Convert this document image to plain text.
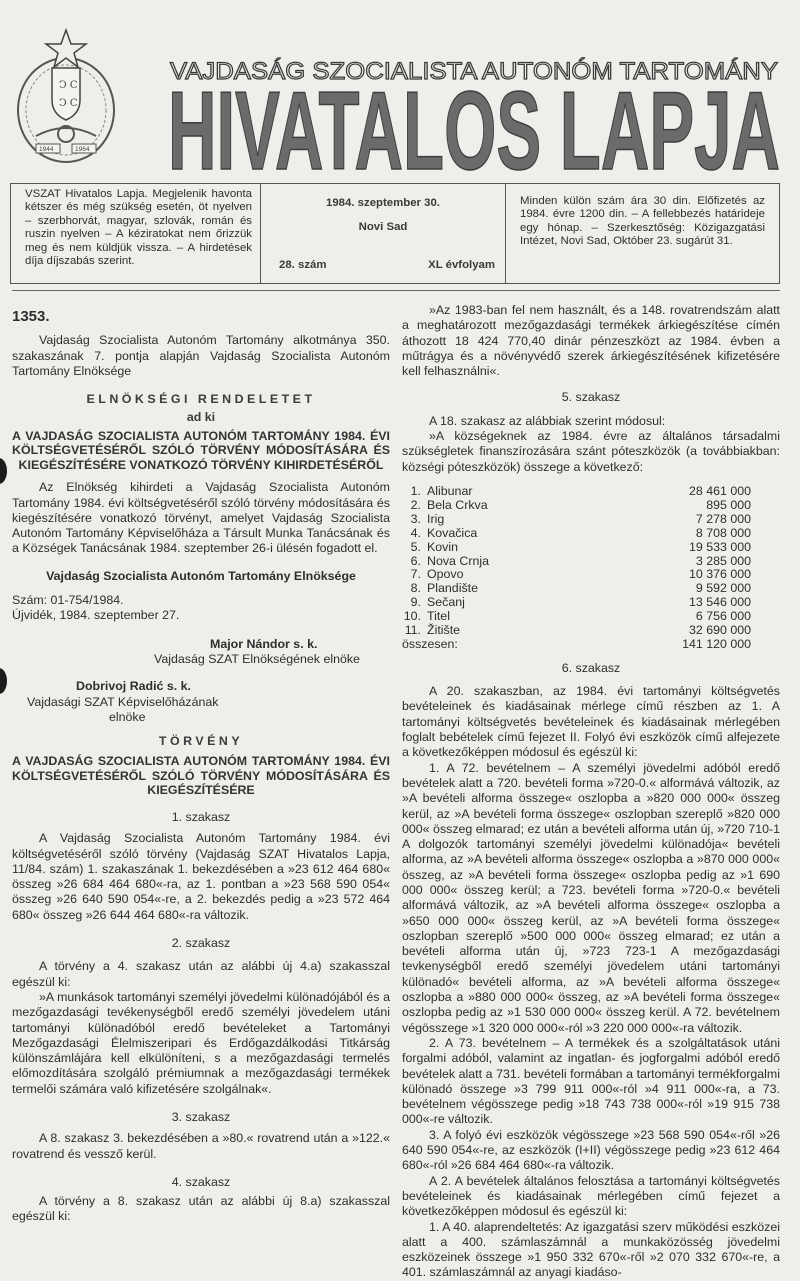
Ͻ C
Ͻ C
1944	1964
VAJDASÁG SZOCIALISTA AUTONÓM TARTOMÁNY
HIVATALOS LAPJA
VSZAT Hivatalos Lapja. Megjelenik havonta kétszer és még szükség esetén, öt nyelven – szerbhorvát, magyar, szlovák, román és ruszin nyelven – A kéziratokat nem őrizzük meg és nem küldjük vissza. – A hirdetések díja díjszabás szerint.
1984. szeptember 30.
Novi Sad
28. szám	XL évfolyam
Minden külön szám ára 30 din. Előfizetés az 1984. évre 1200 din. – A fellebbezés határideje egy hónap. – Szerkesztőség: Közigazgatási Intézet, Novi Sad, Október 23. sugárút 31.

1353.

Vajdaság Szocialista Autonóm Tartomány alkotmánya 350. szakaszának 7. pontja alapján Vajdaság Szocialista Autonóm Tartomány Elnöksége

ELNÖKSÉGI RENDELETET

ad ki

A VAJDASÁG SZOCIALISTA AUTONÓM TARTOMÁNY 1984. ÉVI KÖLTSÉGVETÉSÉRŐL SZÓLÓ TÖRVÉNY MÓDOSÍTÁSÁRA ÉS KIEGÉSZÍTÉSÉRE VONATKOZÓ TÖRVÉNY KIHIRDETÉSÉRŐL

Az Elnökség kihirdeti a Vajdaság Szocialista Autonóm Tartomány 1984. évi költségvetéséről szóló törvény módosítására és kiegészítésére vonatkozó törvényt, amelyet Vajdaság Szocialista Autonóm Tartomány Képviselőháza a Társult Munka Tanácsának és a Községek Tanácsának 1984. szeptember 26-i ülésén fogadott el.

Vajdaság Szocialista Autonóm Tartomány Elnöksége

Szám: 01-754/1984.

Újvidék, 1984. szeptember 27.

Major Nándor s. k.

Vajdaság SZAT Elnökségének elnöke

Dobrivoj Radić s. k.

Vajdasági SZAT Képviselőházának

elnöke

TÖRVÉNY

A VAJDASÁG SZOCIALISTA AUTONÓM TARTOMÁNY 1984. ÉVI KÖLTSÉGVETÉSÉRŐL SZÓLÓ TÖRVÉNY MÓDOSÍTÁSÁRA ÉS KIEGÉSZÍTÉSÉRE

1. szakasz

A Vajdaság Szocialista Autonóm Tartomány 1984. évi költségvetéséről szóló törvény (Vajdaság SZAT Hivatalos Lapja, 11/84. szám) 1. szakaszának 1. bekezdésében a »23 612 464 680« összeg »26 684 464 680«-ra, az 1. pontban a »23 568 590 054« összeg »26 640 590 054«-re, a 2. bekezdés pedig a »23 572 464 680« összeg »26 644 464 680«-ra változik.

2. szakasz

A törvény a 4. szakasz után az alábbi új 4.a) szakasszal egészül ki:

»A munkások tartományi személyi jövedelmi különadójából és a mezőgazdasági tevékenységből eredő személyi jövedelem utáni tartományi különadóból eredő bevételeket a Tartományi Mezőgazdasági Élelmiszeripari és Erdőgazdálkodási Titkárság különszámlájára kell elkülöníteni, s a mezőgazdasági termelés előmozdítására szolgáló prémiumnak a mezőgazdasági termékek termelői számára való kifizetésére szolgálnak«.

3. szakasz

A 8. szakasz 3. bekezdésében a »80.« rovatrend után a »122.« rovatrend és vessző kerül.

4. szakasz

A törvény a 8. szakasz után az alábbi új 8.a) szakasszal egészül ki:

»Az 1983-ban fel nem használt, és a 148. rovatrendszám alatt a meghatározott mezőgazdasági termékek árkiegészítése címén áthozott 18 424 770,40 dinár pénzeszközt az 1984. évben a műtrágya és a növényvédő szerek árkiegészítésének kifizetésére kell felhasználni«.

5. szakasz

A 18. szakasz az alábbiak szerint módosul:

»A községeknek az 1984. évre az általános társadalmi szükségletek finanszírozására szánt póteszközök (a továbbiakban: községi póteszközök) összege a következő:

1. Alibunar	28 461 000
2. Bela Crkva	895 000
3. Irig	7 278 000
4. Kovačica	8 708 000
5. Kovin	19 533 000
6. Nova Crnja	3 285 000
7. Opovo	10 376 000
8. Plandište	9 592 000
9. Sečanj	13 546 000
10. Titel	6 756 000
11. Žitište	32 690 000
összesen:	141 120 000

6. szakasz

A 20. szakaszban, az 1984. évi tartományi költségvetés bevételeinek és kiadásainak mérlege című részben az 1. A tartományi költségvetés bevételeinek és kiadásainak mérlegében foglalt bebételek című fejezet II. Folyó évi eszközök című alfejezete a következőképpen módosul és egészül ki:

1. A 72. bevételnem – A személyi jövedelmi adóból eredő bevételek alatt a 720. bevételi forma »720-0.« alformává változik, az »A bevételi alforma összege« oszlopba a »820 000 000« összeg kerül, az »A bevételi forma összege« oszlopban szereplő »820 000 000« összeg elmarad; ez után a bevételi alforma után új, »720 710-1 A dolgozók tartományi személyi jövedelmi különadója« bevételi alforma, az »A bevételi alforma összege« oszlopba a »870 000 000« összeg, az »A bevételi forma összege« oszlopba pedig az »1 690 000 000« összeg kerül; a 723. bevételi forma »720-0.« bevételi alformává változik, az »A bevételi alforma összege« oszlopba a »650 000 000« összeg kerül, az »A bevételi forma összege« oszlopban szereplő »500 000 000« összeg elmarad; ez után a bevételi alforma után új, »723 723-1 A mezőgazdasági tevkenységből eredő személyi jövedelem utáni tartományi különadó« bevételi alforma, az »A bevételi alforma összege« oszlopba a »880 000 000« összeg, az »A bevételi forma összege« oszlopba pedig az »1 530 000 000« összeg kerül. A 72. bevételnem végösszege »1 320 000 000«-ról »3 220 000 000«-ra változik.

2. A 73. bevételnem – A termékek és a szolgáltatások utáni forgalmi adóból, valamint az ingatlan- és jogforgalmi adóból eredő bevételek alatt a 731. bevételi formában a tartományi termékforgalmi különadó összege »3 799 911 000«-ról »4 911 000«-ra, a 73. bevételnem végösszege pedig »18 743 738 000«-ról »19 915 738 000«-re változik.

3. A folyó évi eszközök végösszege »23 568 590 054«-ről »26 640 590 054«-re, az eszközök (I+II) végösszege pedig »23 612 464 680«-ról »26 684 464 680«-ra változik.

A 2. A bevételek általános felosztása a tartományi költségvetés bevételeinek és kiadásainak mérlegében című fejezet a következőképpen módosul és egészül ki:

1. A 40. alaprendeltetés: Az igazgatási szerv működési eszközei alatt a 400. számlaszámnál a munkaközösség jövedelmi eszközeinek összege »1 950 332 670«-ről »2 070 332 670«-re, a 401. számlaszámnál az anyagi kiadáso-
